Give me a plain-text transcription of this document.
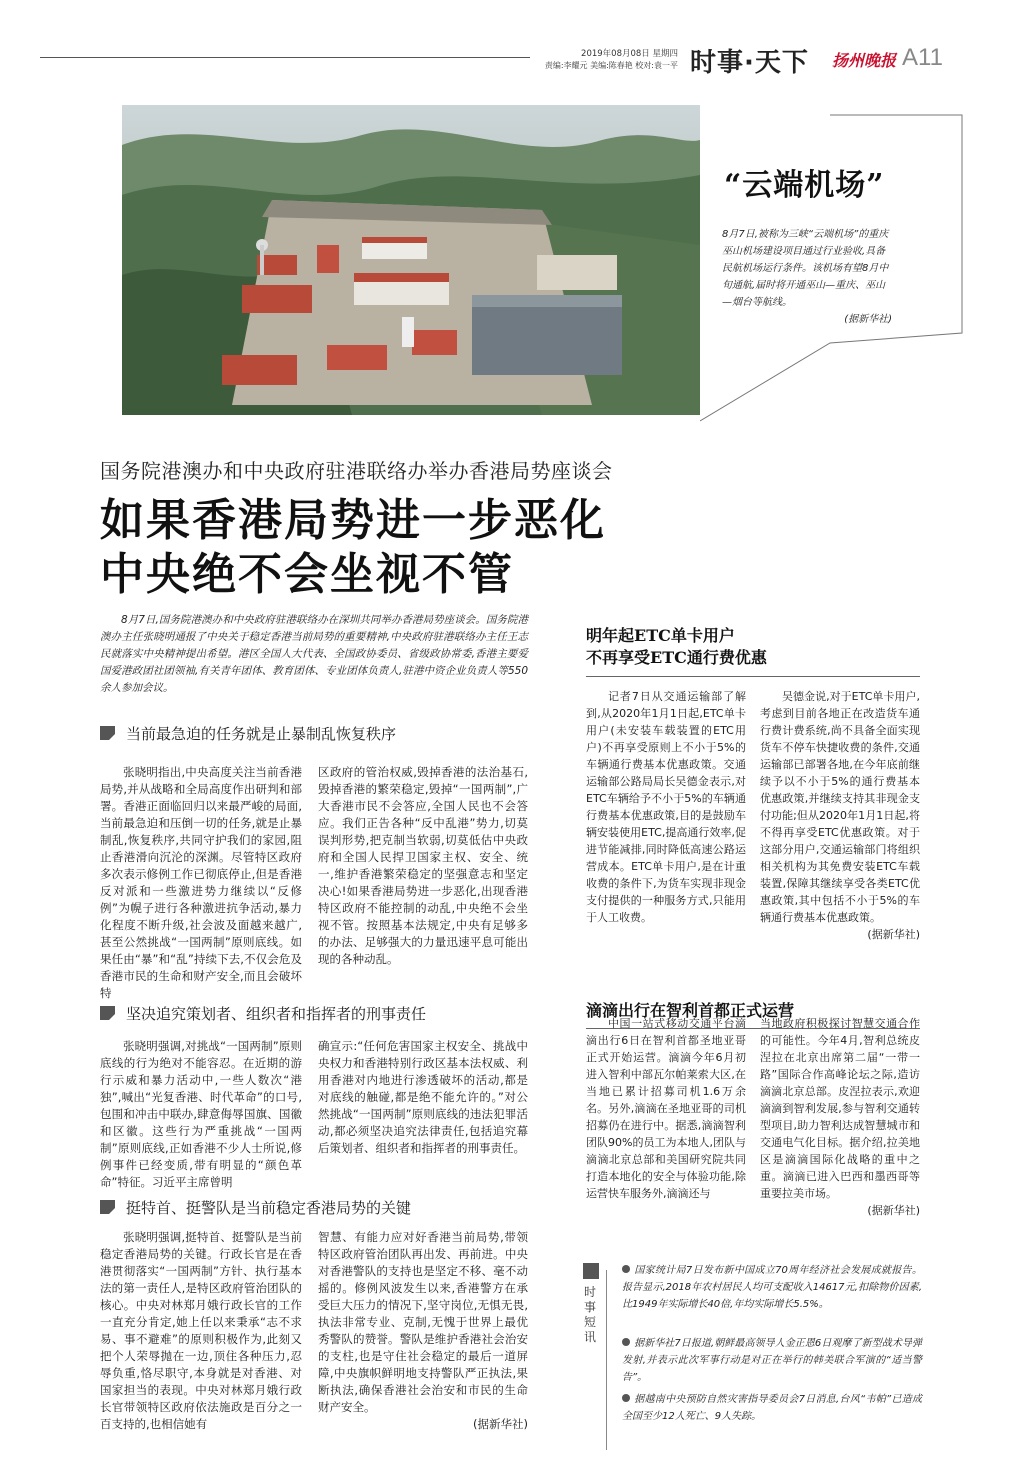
2019年08月08日 星期四
责编:李耀元 美编:陈春艳 校对:袁一平 时事·天下 扬州晚报 A11
“云端机场”
8月7日,被称为三峡“云端机场”的重庆巫山机场建设项目通过行业验收,具备民航机场运行条件。该机场有望8月中旬通航,届时将开通巫山—重庆、巫山—烟台等航线。
(据新华社)
国务院港澳办和中央政府驻港联络办举办香港局势座谈会
如果香港局势进一步恶化
中央绝不会坐视不管
8月7日,国务院港澳办和中央政府驻港联络办在深圳共同举办香港局势座谈会。国务院港澳办主任张晓明通报了中央关于稳定香港当前局势的重要精神,中央政府驻港联络办主任王志民就落实中央精神提出希望。港区全国人大代表、全国政协委员、省级政协常委,香港主要爱国爱港政团社团领袖,有关青年团体、教育团体、专业团体负责人,驻港中资企业负责人等550余人参加会议。
当前最急迫的任务就是止暴制乱恢复秩序

张晓明指出,中央高度关注当前香港局势,并从战略和全局高度作出研判和部署。香港正面临回归以来最严峻的局面,当前最急迫和压倒一切的任务,就是止暴制乱,恢复秩序,共同守护我们的家园,阻止香港滑向沉沦的深渊。尽管特区政府多次表示修例工作已彻底停止,但是香港反对派和一些激进势力继续以“反修例”为幌子进行各种激进抗争活动,暴力化程度不断升级,社会波及面越来越广,甚至公然挑战“一国两制”原则底线。如果任由“暴”和“乱”持续下去,不仅会危及香港市民的生命和财产安全,而且会破坏特

区政府的管治权威,毁掉香港的法治基石,毁掉香港的繁荣稳定,毁掉“一国两制”,广大香港市民不会答应,全国人民也不会答应。我们正告各种“反中乱港”势力,切莫误判形势,把克制当软弱,切莫低估中央政府和全国人民捍卫国家主权、安全、统一,维护香港繁荣稳定的坚强意志和坚定决心!如果香港局势进一步恶化,出现香港特区政府不能控制的动乱,中央绝不会坐视不管。按照基本法规定,中央有足够多的办法、足够强大的力量迅速平息可能出现的各种动乱。

坚决追究策划者、组织者和指挥者的刑事责任

张晓明强调,对挑战“一国两制”原则底线的行为绝对不能容忍。在近期的游行示威和暴力活动中,一些人数次“港独”,喊出“光复香港、时代革命”的口号,包围和冲击中联办,肆意侮辱国旗、国徽和区徽。这些行为严重挑战“一国两制”原则底线,正如香港不少人士所说,修例事件已经变质,带有明显的“颜色革命”特征。习近平主席曾明

确宣示:“任何危害国家主权安全、挑战中央权力和香港特别行政区基本法权威、利用香港对内地进行渗透破坏的活动,都是对底线的触碰,都是绝不能允许的。”对公然挑战“一国两制”原则底线的违法犯罪活动,都必须坚决追究法律责任,包括追究幕后策划者、组织者和指挥者的刑事责任。

挺特首、挺警队是当前稳定香港局势的关键

张晓明强调,挺特首、挺警队是当前稳定香港局势的关键。行政长官是在香港贯彻落实“一国两制”方针、执行基本法的第一责任人,是特区政府管治团队的核心。中央对林郑月娥行政长官的工作一直充分肯定,她上任以来秉承“志不求易、事不避难”的原则积极作为,此刻又把个人荣辱抛在一边,顶住各种压力,忍辱负重,恪尽职守,本身就是对香港、对国家担当的表现。中央对林郑月娥行政长官带领特区政府依法施政是百分之一百支持的,也相信她有

智慧、有能力应对好香港当前局势,带领特区政府管治团队再出发、再前进。中央对香港警队的支持也是坚定不移、毫不动摇的。修例风波发生以来,香港警方在承受巨大压力的情况下,坚守岗位,无惧无畏,执法非常专业、克制,无愧于世界上最优秀警队的赞誉。警队是维护香港社会治安的支柱,也是守住社会稳定的最后一道屏障,中央旗帜鲜明地支持警队严正执法,果断执法,确保香港社会治安和市民的生命财产安全。

(据新华社)
明年起ETC单卡用户
不再享受ETC通行费优惠

记者7日从交通运输部了解到,从2020年1月1日起,ETC单卡用户(未安装车载装置的ETC用户)不再享受原则上不小于5%的车辆通行费基本优惠政策。交通运输部公路局局长吴德金表示,对ETC车辆给予不小于5%的车辆通行费基本优惠政策,目的是鼓励车辆安装使用ETC,提高通行效率,促进节能减排,同时降低高速公路运营成本。ETC单卡用户,是在计重收费的条件下,为货车实现非现金支付提供的一种服务方式,只能用于人工收费。

吴德金说,对于ETC单卡用户,考虑到目前各地正在改造货车通行费计费系统,尚不具备全面实现货车不停车快捷收费的条件,交通运输部已部署各地,在今年底前继续予以不小于5%的通行费基本优惠政策,并继续支持其非现金支付功能;但从2020年1月1日起,将不得再享受ETC优惠政策。对于这部分用户,交通运输部门将组织相关机构为其免费安装ETC车载装置,保障其继续享受各类ETC优惠政策,其中包括不小于5%的车辆通行费基本优惠政策。

(据新华社)
滴滴出行在智利首都正式运营

中国一站式移动交通平台滴滴出行6日在智利首都圣地亚哥正式开始运营。滴滴今年6月初进入智利中部瓦尔帕莱索大区,在当地已累计招募司机1.6万余名。另外,滴滴在圣地亚哥的司机招募仍在进行中。据悉,滴滴智利团队90%的员工为本地人,团队与滴滴北京总部和美国研究院共同打造本地化的安全与体验功能,除运营快车服务外,滴滴还与

当地政府积极探讨智慧交通合作的可能性。今年4月,智利总统皮涅拉在北京出席第二届“一带一路”国际合作高峰论坛之际,造访滴滴北京总部。皮涅拉表示,欢迎滴滴到智利发展,参与智利交通转型项目,助力智利达成智慧城市和交通电气化目标。据介绍,拉美地区是滴滴国际化战略的重中之重。滴滴已进入巴西和墨西哥等重要拉美市场。

(据新华社)
时
事
短
讯
国家统计局7日发布新中国成立70周年经济社会发展成就报告。报告显示,2018年农村居民人均可支配收入14617元,扣除物价因素,比1949年实际增长40倍,年均实际增长5.5%。
据新华社7日报道,朝鲜最高领导人金正恩6日观摩了新型战术导弹发射,并表示此次军事行动是对正在举行的韩美联合军演的“适当警告”。
据越南中央预防自然灾害指导委员会7日消息,台风“韦帕”已造成全国至少12人死亡、9人失踪。
